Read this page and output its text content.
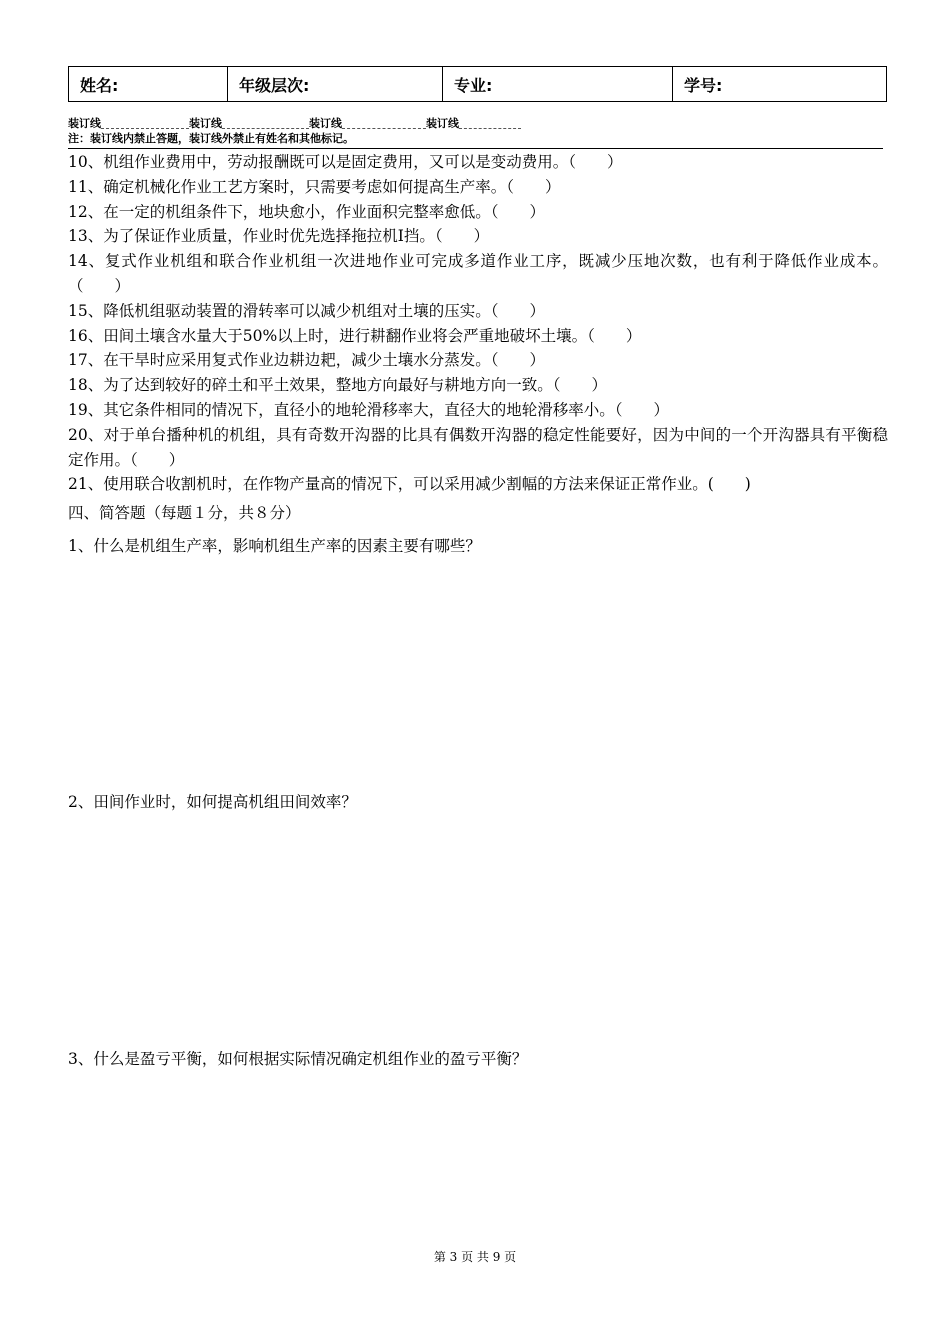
姓名:	年级层次:	专业:	学号:
装订线	装订线	装订线	装订线
注：装订线内禁止答题，装订线外禁止有姓名和其他标记。

10、机组作业费用中，劳动报酬既可以是固定费用，又可以是变动费用。（　　）

11、确定机械化作业工艺方案时，只需要考虑如何提高生产率。（　　）

12、在一定的机组条件下，地块愈小，作业面积完整率愈低。（　　）

13、为了保证作业质量，作业时优先选择拖拉机Ⅰ挡。（　　）

14、复式作业机组和联合作业机组一次进地作业可完成多道作业工序，既减少压地次数，也有利于降低作业成本。（　　）

15、降低机组驱动装置的滑转率可以减少机组对土壤的压实。（　　）

16、田间土壤含水量大于50%以上时，进行耕翻作业将会严重地破坏土壤。（　　）

17、在干旱时应采用复式作业边耕边耙，减少土壤水分蒸发。（　　）

18、为了达到较好的碎土和平土效果，整地方向最好与耕地方向一致。（　　）

19、其它条件相同的情况下，直径小的地轮滑移率大，直径大的地轮滑移率小。（　　）

20、对于单台播种机的机组，具有奇数开沟器的比具有偶数开沟器的稳定性能要好，因为中间的一个开沟器具有平衡稳定作用。（　　）

21、使用联合收割机时，在作物产量高的情况下，可以采用减少割幅的方法来保证正常作业。(　　)

四、简答题（每题１分，共８分）

1、什么是机组生产率，影响机组生产率的因素主要有哪些？

2、田间作业时，如何提高机组田间效率？

3、什么是盈亏平衡，如何根据实际情况确定机组作业的盈亏平衡？

第 3 页 共 9 页
